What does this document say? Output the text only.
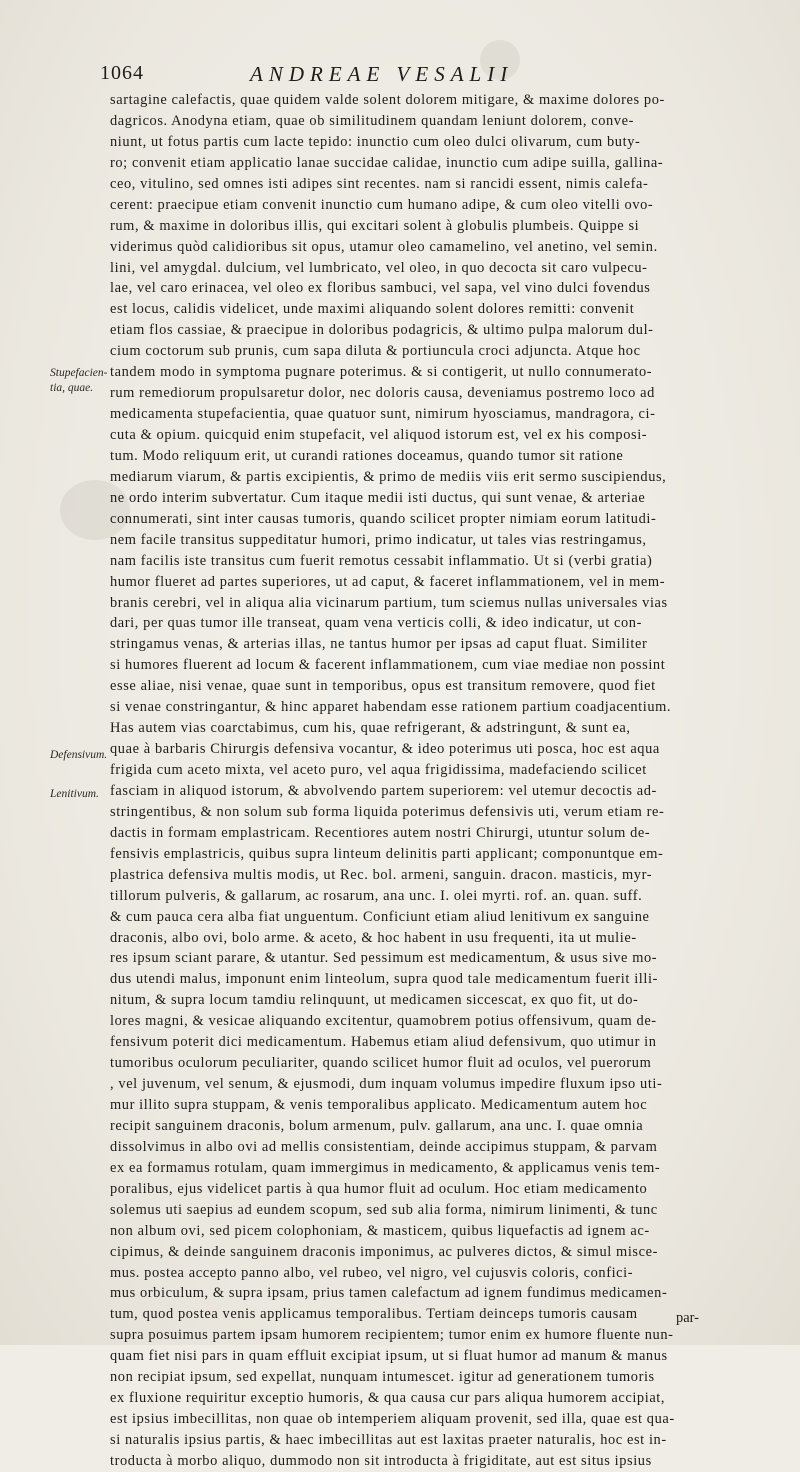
1064	ANDREAE VESALII
Stupefacien-
tia, quae.
Defensivum.
Lenitivum.
sartagine calefactis, quae quidem valde solent dolorem mitigare, & maxime dolores po-
dagricos. Anodyna etiam, quae ob similitudinem quandam leniunt dolorem, conve-
niunt, ut fotus partis cum lacte tepido: inunctio cum oleo dulci olivarum, cum buty-
ro; convenit etiam applicatio lanae succidae calidae, inunctio cum adipe suilla, gallina-
ceo, vitulino, sed omnes isti adipes sint recentes. nam si rancidi essent, nimis calefa-
cerent: praecipue etiam convenit inunctio cum humano adipe, & cum oleo vitelli ovo-
rum, & maxime in doloribus illis, qui excitari solent à globulis plumbeis. Quippe si
viderimus quòd calidioribus sit opus, utamur oleo camamelino, vel anetino, vel semin.
lini, vel amygdal. dulcium, vel lumbricato, vel oleo, in quo decocta sit caro vulpecu-
lae, vel caro erinacea, vel oleo ex floribus sambuci, vel sapa, vel vino dulci fovendus
est locus, calidis videlicet, unde maximi aliquando solent dolores remitti: convenit
etiam flos cassiae, & praecipue in doloribus podagricis, & ultimo pulpa malorum dul-
cium coctorum sub prunis, cum sapa diluta & portiuncula croci adjuncta. Atque hoc
tandem modo in symptoma pugnare poterimus. & si contigerit, ut nullo connumerato-
rum remediorum propulsaretur dolor, nec doloris causa, deveniamus postremo loco ad
medicamenta stupefacientia, quae quatuor sunt, nimirum hyosciamus, mandragora, ci-
cuta & opium. quicquid enim stupefacit, vel aliquod istorum est, vel ex his composi-
tum. Modo reliquum erit, ut curandi rationes doceamus, quando tumor sit ratione
mediarum viarum, & partis excipientis, & primo de mediis viis erit sermo suscipiendus,
ne ordo interim subvertatur. Cum itaque medii isti ductus, qui sunt venae, & arteriae
connumerati, sint inter causas tumoris, quando scilicet propter nimiam eorum latitudi-
nem facile transitus suppeditatur humori, primo indicatur, ut tales vias restringamus,
nam facilis iste transitus cum fuerit remotus cessabit inflammatio. Ut si (verbi gratia)
humor flueret ad partes superiores, ut ad caput, & faceret inflammationem, vel in mem-
branis cerebri, vel in aliqua alia vicinarum partium, tum sciemus nullas universales vias
dari, per quas tumor ille transeat, quam vena verticis colli, & ideo indicatur, ut con-
stringamus venas, & arterias illas, ne tantus humor per ipsas ad caput fluat. Similiter
si humores fluerent ad locum & facerent inflammationem, cum viae mediae non possint
esse aliae, nisi venae, quae sunt in temporibus, opus est transitum removere, quod fiet
si venae constringantur, & hinc apparet habendam esse rationem partium coadjacentium.
Has autem vias coarctabimus, cum his, quae refrigerant, & adstringunt, & sunt ea,
quae à barbaris Chirurgis defensiva vocantur, & ideo poterimus uti posca, hoc est aqua
frigida cum aceto mixta, vel aceto puro, vel aqua frigidissima, madefaciendo scilicet
fasciam in aliquod istorum, & abvolvendo partem superiorem: vel utemur decoctis ad-
stringentibus, & non solum sub forma liquida poterimus defensivis uti, verum etiam re-
dactis in formam emplastricam. Recentiores autem nostri Chirurgi, utuntur solum de-
fensivis emplastricis, quibus supra linteum delinitis parti applicant; componuntque em-
plastrica defensiva multis modis, ut Rec. bol. armeni, sanguin. dracon. masticis, myr-
tillorum pulveris, & gallarum, ac rosarum, ana unc. I. olei myrti. rof. an. quan. suff.
& cum pauca cera alba fiat unguentum. Conficiunt etiam aliud lenitivum ex sanguine
draconis, albo ovi, bolo arme. & aceto, & hoc habent in usu frequenti, ita ut mulie-
res ipsum sciant parare, & utantur. Sed pessimum est medicamentum, & usus sive mo-
dus utendi malus, imponunt enim linteolum, supra quod tale medicamentum fuerit illi-
nitum, & supra locum tamdiu relinquunt, ut medicamen siccescat, ex quo fit, ut do-
lores magni, & vesicae aliquando excitentur, quamobrem potius offensivum, quam de-
fensivum poterit dici medicamentum. Habemus etiam aliud defensivum, quo utimur in
tumoribus oculorum peculiariter, quando scilicet humor fluit ad oculos, vel puerorum
, vel juvenum, vel senum, & ejusmodi, dum inquam volumus impedire fluxum ipso uti-
mur illito supra stuppam, & venis temporalibus applicato. Medicamentum autem hoc
recipit sanguinem draconis, bolum armenum, pulv. gallarum, ana unc. I. quae omnia
dissolvimus in albo ovi ad mellis consistentiam, deinde accipimus stuppam, & parvam
ex ea formamus rotulam, quam immergimus in medicamento, & applicamus venis tem-
poralibus, ejus videlicet partis à qua humor fluit ad oculum. Hoc etiam medicamento
solemus uti saepius ad eundem scopum, sed sub alia forma, nimirum linimenti, & tunc
non album ovi, sed picem colophoniam, & masticem, quibus liquefactis ad ignem ac-
cipimus, & deinde sanguinem draconis imponimus, ac pulveres dictos, & simul misce-
mus. postea accepto panno albo, vel rubeo, vel nigro, vel cujusvis coloris, confici-
mus orbiculum, & supra ipsam, prius tamen calefactum ad ignem fundimus medicamen-
tum, quod postea venis applicamus temporalibus. Tertiam deinceps tumoris causam
supra posuimus partem ipsam humorem recipientem; tumor enim ex humore fluente nun-
quam fiet nisi pars in quam effluit excipiat ipsum, ut si fluat humor ad manum & manus
non recipiat ipsum, sed expellat, nunquam intumescet. igitur ad generationem tumoris
ex fluxione requiritur exceptio humoris, & qua causa cur pars aliqua humorem accipiat,
est ipsius imbecillitas, non quae ob intemperiem aliquam provenit, sed illa, quae est qua-
si naturalis ipsius partis, & haec imbecillitas aut est laxitas praeter naturalis, hoc est in-
troducta à morbo aliquo, dummodo non sit introducta à frigiditate, aut est situs ipsius
par-
